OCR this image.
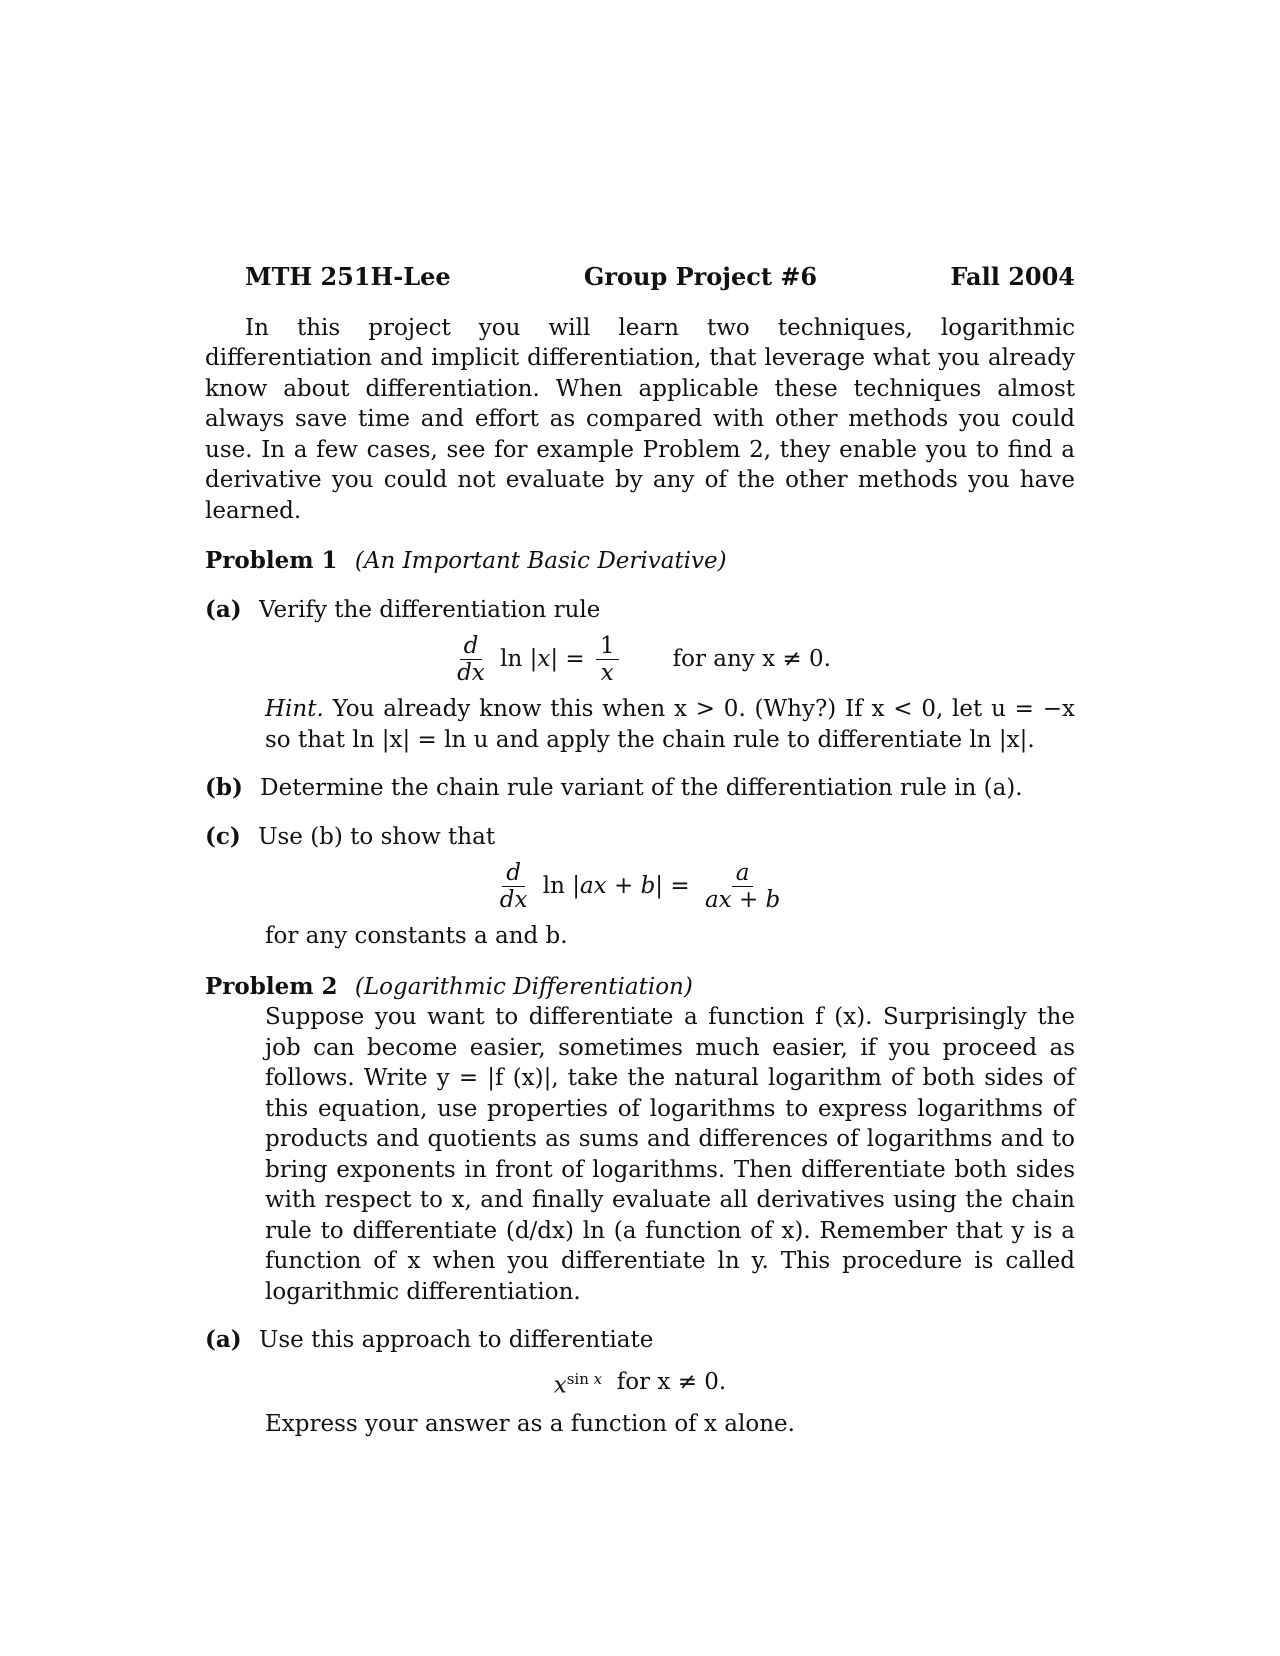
MTH 251H-Lee	Group Project #6	Fall 2004

In this project you will learn two techniques, logarithmic differentiation and implicit differentiation, that leverage what you already know about differentiation. When applicable these techniques almost always save time and effort as compared with other methods you could use. In a few cases, see for example Problem 2, they enable you to find a derivative you could not evaluate by any of the other methods you have learned.

Problem 1 (An Important Basic Derivative)
(a) Verify the differentiation rule
$\frac{d}{dx}$ $\ln |x| = \frac{1}{x}$ for any x ≠ 0.
Hint. You already know this when x > 0. (Why?) If x < 0, let u = −x so that ln |x| = ln u and apply the chain rule to differentiate ln |x|.
(b) Determine the chain rule variant of the differentiation rule in (a).
(c) Use (b) to show that
$\frac{d}{dx}$ $\ln |ax + b| = \frac{a}{ax + b}$
for any constants a and b.
Problem 2 (Logarithmic Differentiation)

Suppose you want to differentiate a function f (x). Surprisingly the job can become easier, sometimes much easier, if you proceed as follows. Write y = |f (x)|, take the natural logarithm of both sides of this equation, use properties of logarithms to express logarithms of products and quotients as sums and differences of logarithms and to bring exponents in front of logarithms. Then differentiate both sides with respect to x, and finally evaluate all derivatives using the chain rule to differentiate (d/dx) ln (a function of x). Remember that y is a function of x when you differentiate ln y. This procedure is called logarithmic differentiation.

(a) Use this approach to differentiate
$x^{sin x}$
for x ≠ 0.
Express your answer as a function of x alone.
